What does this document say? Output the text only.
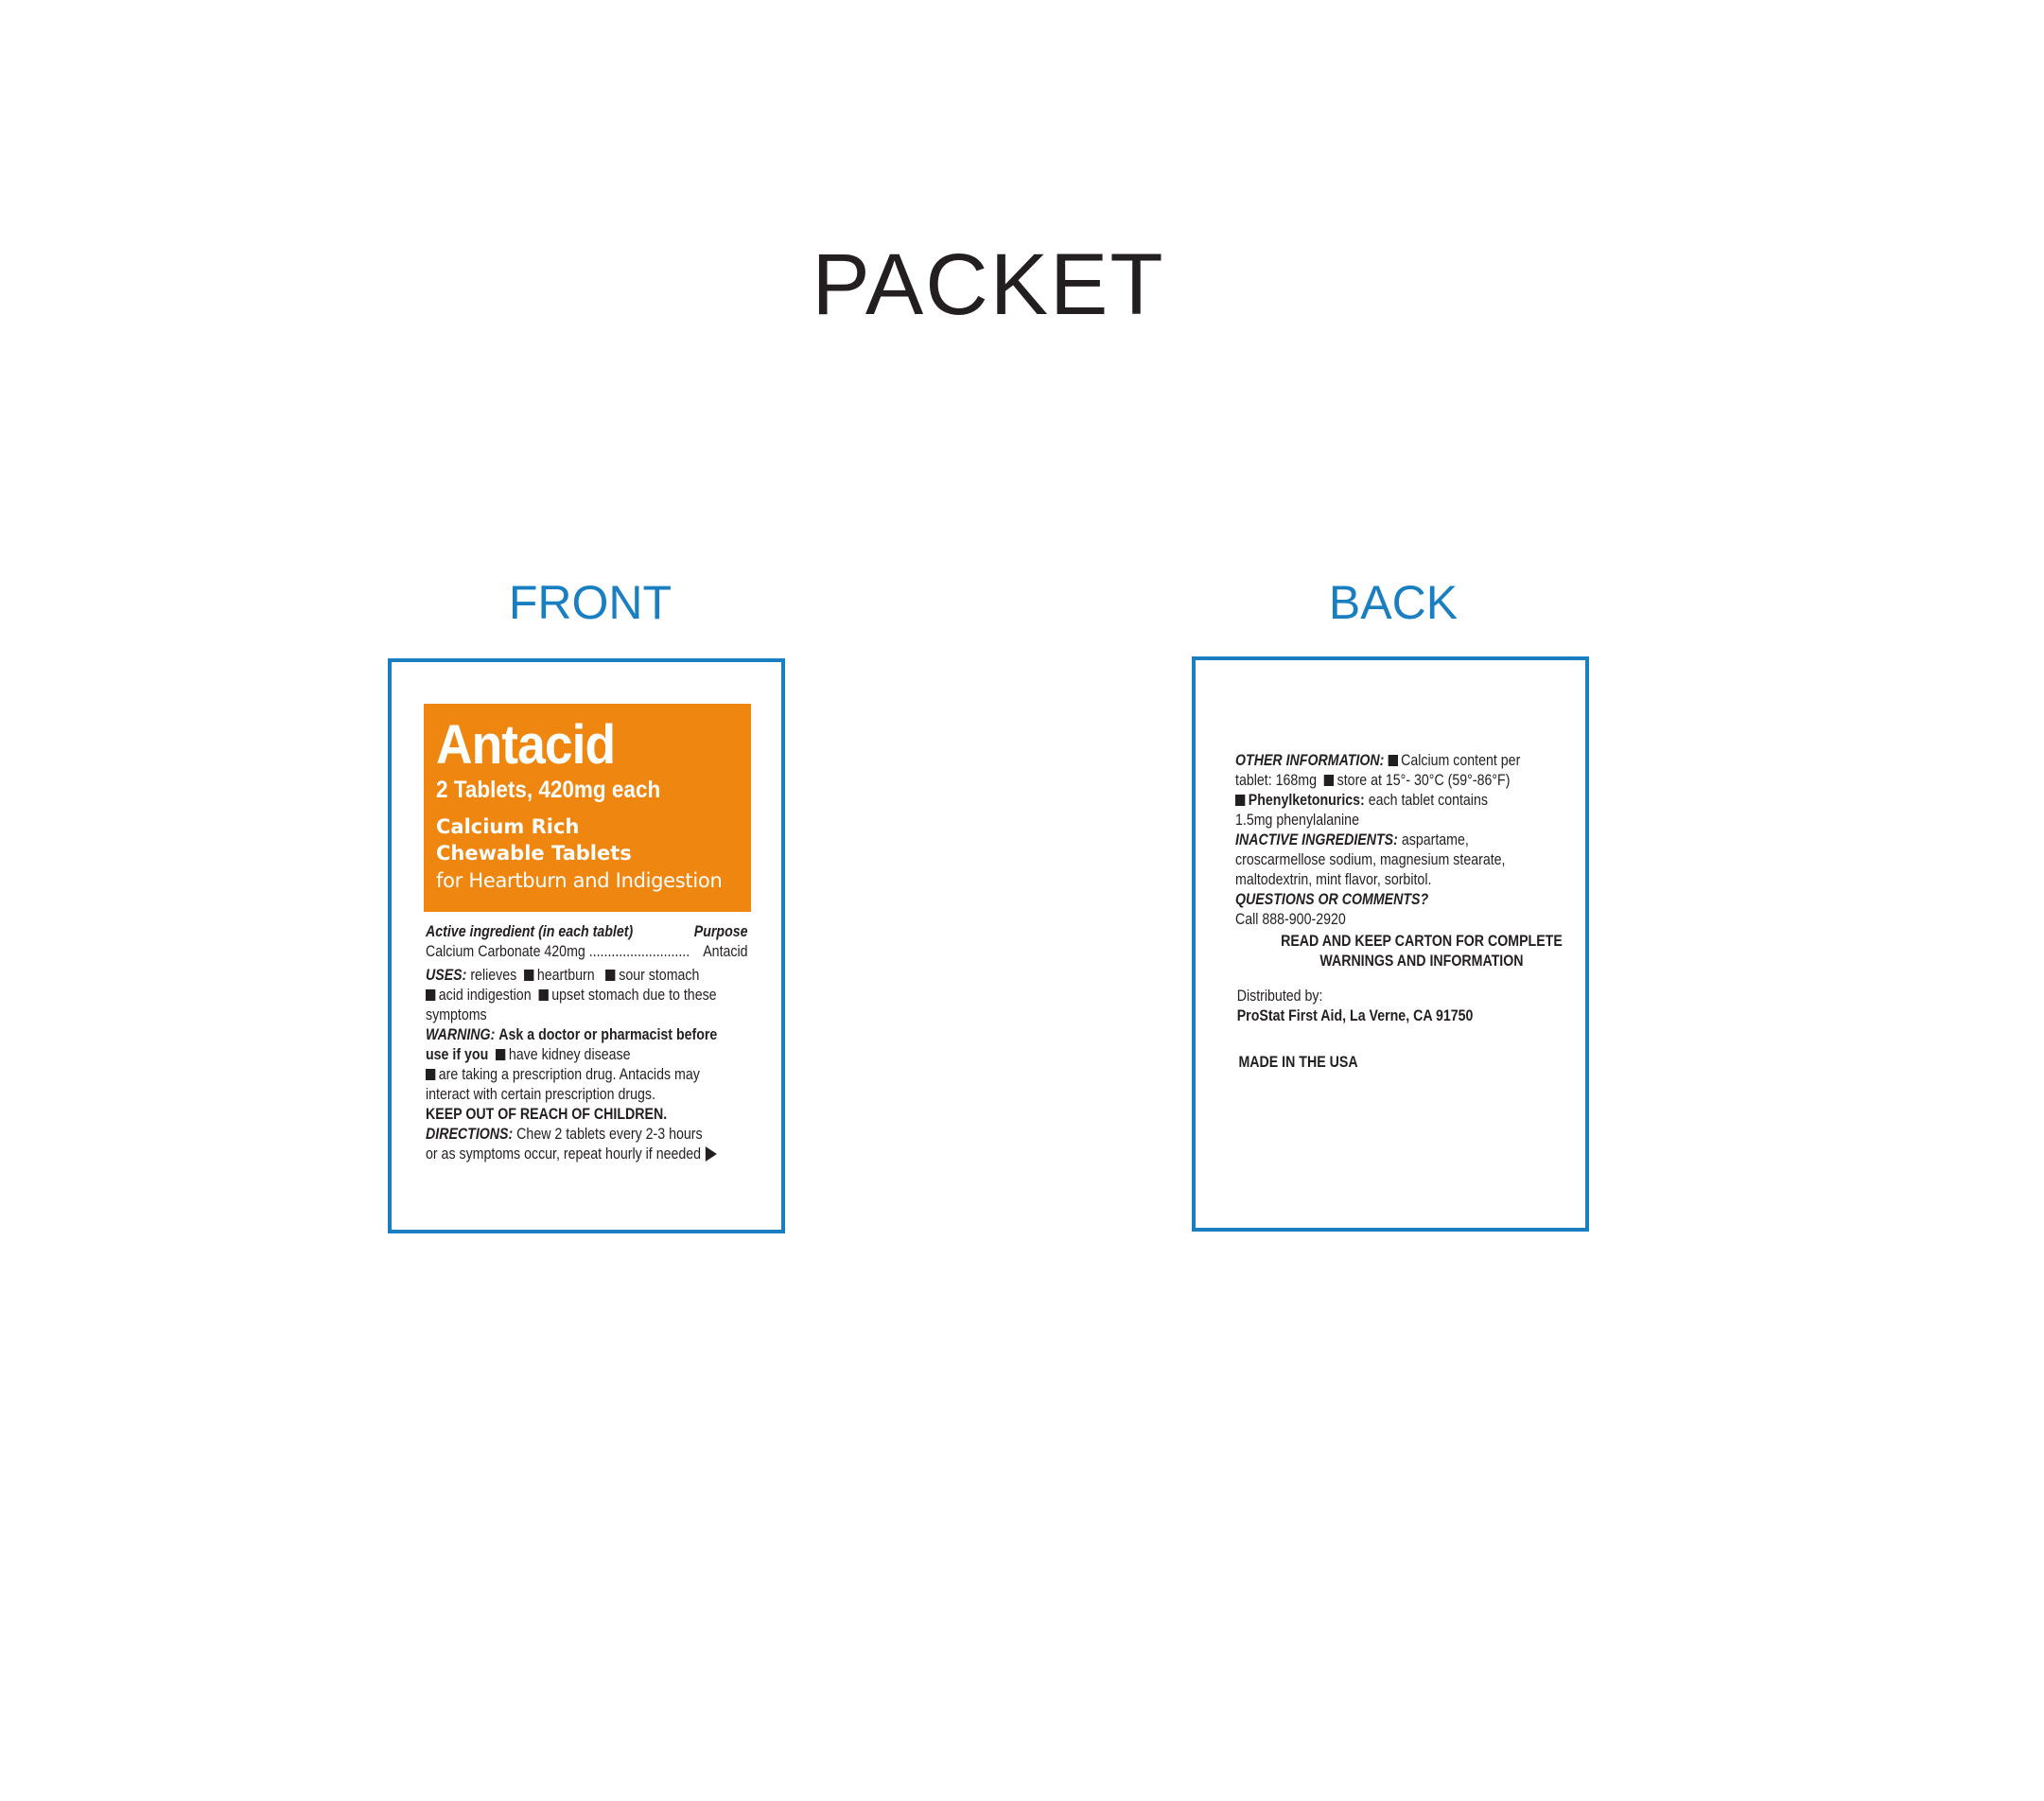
PACKET
FRONT	BACK
Antacid
2 Tablets, 420mg each
Calcium Rich
Chewable Tablets
for Heartburn and Indigestion
Active ingredient (in each tablet)	Purpose
Calcium Carbonate 420mg ........................... Antacid
USES: relieves heartburn sour stomach
acid indigestion upset stomach due to these
symptoms
WARNING: Ask a doctor or pharmacist before
use if you have kidney disease
are taking a prescription drug. Antacids may
interact with certain prescription drugs.
KEEP OUT OF REACH OF CHILDREN.
DIRECTIONS: Chew 2 tablets every 2-3 hours
or as symptoms occur, repeat hourly if needed
OTHER INFORMATION: Calcium content per
tablet: 168mg store at 15°- 30°C (59°-86°F)
Phenylketonurics: each tablet contains
1.5mg phenylalanine
INACTIVE INGREDIENTS: aspartame,
croscarmellose sodium, magnesium stearate,
maltodextrin, mint flavor, sorbitol.
QUESTIONS OR COMMENTS?
Call 888-900-2920
READ AND KEEP CARTON FOR COMPLETE
WARNINGS AND INFORMATION
Distributed by:
ProStat First Aid, La Verne, CA 91750
MADE IN THE USA
